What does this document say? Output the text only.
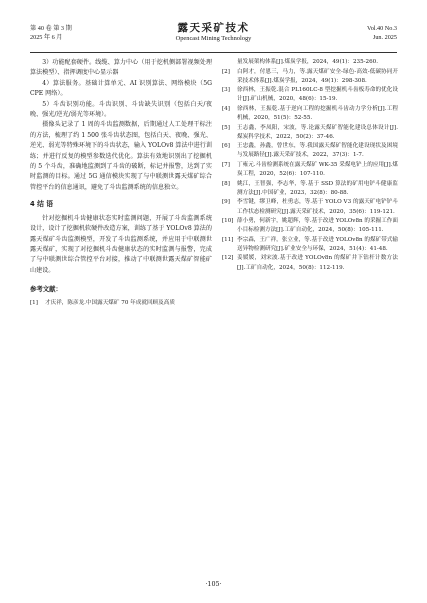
第 40 卷 第 3 期
2025 年 6 月
露天采矿技术
Opencast Mining Technology
Vol.40 No.3
Jun. 2025

3）功能配套硬件。线缆、算力中心（用于挖机侧部署视频处理算法模型）、指挥调度中心显示器

4）算法服务。基础计算单元、AI 识别算法、网络模块（5G CPE 网络）。

5）斗齿识别功能。斗齿识别、斗齿缺失识别（包括白天/夜晚、强光/逆光/弱光等环境）。

摄像头记录了 1 周的斗齿监测数据，后期通过人工处理干标注的方法，梳理了约 1 500 张斗齿状态图，包括白天、夜晚、强光、逆光、弱光等特殊环境下的斗齿状态，输入 YOLOv8 算法中进行训练；并进行反复的模型参数迭代优化。算法有效地识别出了挖掘机的 5 个斗齿，准确地监测到了斗齿的破断，标记并报警，达到了实时监测的目标。通过 5G 通信模块实现了与中联测世露天煤矿综合管控平台的信息通讯，避免了斗齿监测系统的信息独立。

4 结 语

针对挖掘机斗齿健康状态实时监测问题，开展了斗齿监测系统设计，设计了挖掘机软硬件改造方案，训练了基于 YOLOv8 算法的露天煤矿斗齿监测模型，开发了斗齿监测系统，并应用于中联测世露天煤矿，实现了对挖掘机斗齿健康状态的实时监测与报警，完成了与中联测世综合管控平台对接，推动了中联测世露天煤矿智能矿山建设。

参考文献：
[1]	才庆祥，陈彦龙.中国露天煤矿 70 年成就回顾及高质
量发展架构体系[J].煤炭学报，2024，49(1)：235-260.
[2]	白阿才，付恩三，马力，等.露天煤矿安全-绿色-高效-低碳协同开采技术体系[J].煤炭学报，2024，49(1)：298-308.
[3]	徐西林，王振乾.混合 PL160LC-8 型挖掘机斗齿板寿命的优化设计[J].矿山机械，2020，48(6)：15-19.
[4]	徐西林，王振乾.基于逆向工程的挖掘机斗齿动力学分析[J].工程机械，2020，51(5)：52-55.
[5]	王志鑫，李凤阳，宋波，等.论露天煤矿智能化建设总体设计[J].煤炭科学技术，2022，50(2)：37-46.
[6]	王忠鑫，孙鑫，曾世东，等.我国露天煤矿智能化建设现状及困境与发展路径[J].露天采矿技术，2022，37(3)：1-7.
[7]	丁雍元.斗齿检测系统在露天煤矿 WK-35 采煤电铲上的应用[J].煤炭工程，2020，52(6)：107-110.
[8]	姚江，王智强，李志华，等.基于 SSD 算法的矿用电铲斗健康监测方法[J].中国矿业，2023，32(8)：80-88.
[9]	李雪键，缪卫峰，杜勇志，等.基于 YOLO V3 的露天矿电铲铲斗工作状态检测研究[J].露天采矿技术，2020，35(6)：119-121.
[10] 薛小勇，何新宇，姚超辉，等.基于改进 YOLOv8n 的采掘工作面小目标检测方法[J].工矿自动化，2024，50(8)：105-111.
[11] 李宗森，王广祥，张立业，等.基于改进 YOLOv8n 的煤矿带式输送异物检测研究[J].矿业安全与环保，2024，51(4)：41-48.
[12] 姜媛媛，刘宋波.基于改进 YOLOv8n 的煤矿井下钻杆计数方法[J].工矿自动化，2024，50(8)：112-119.
·105·
